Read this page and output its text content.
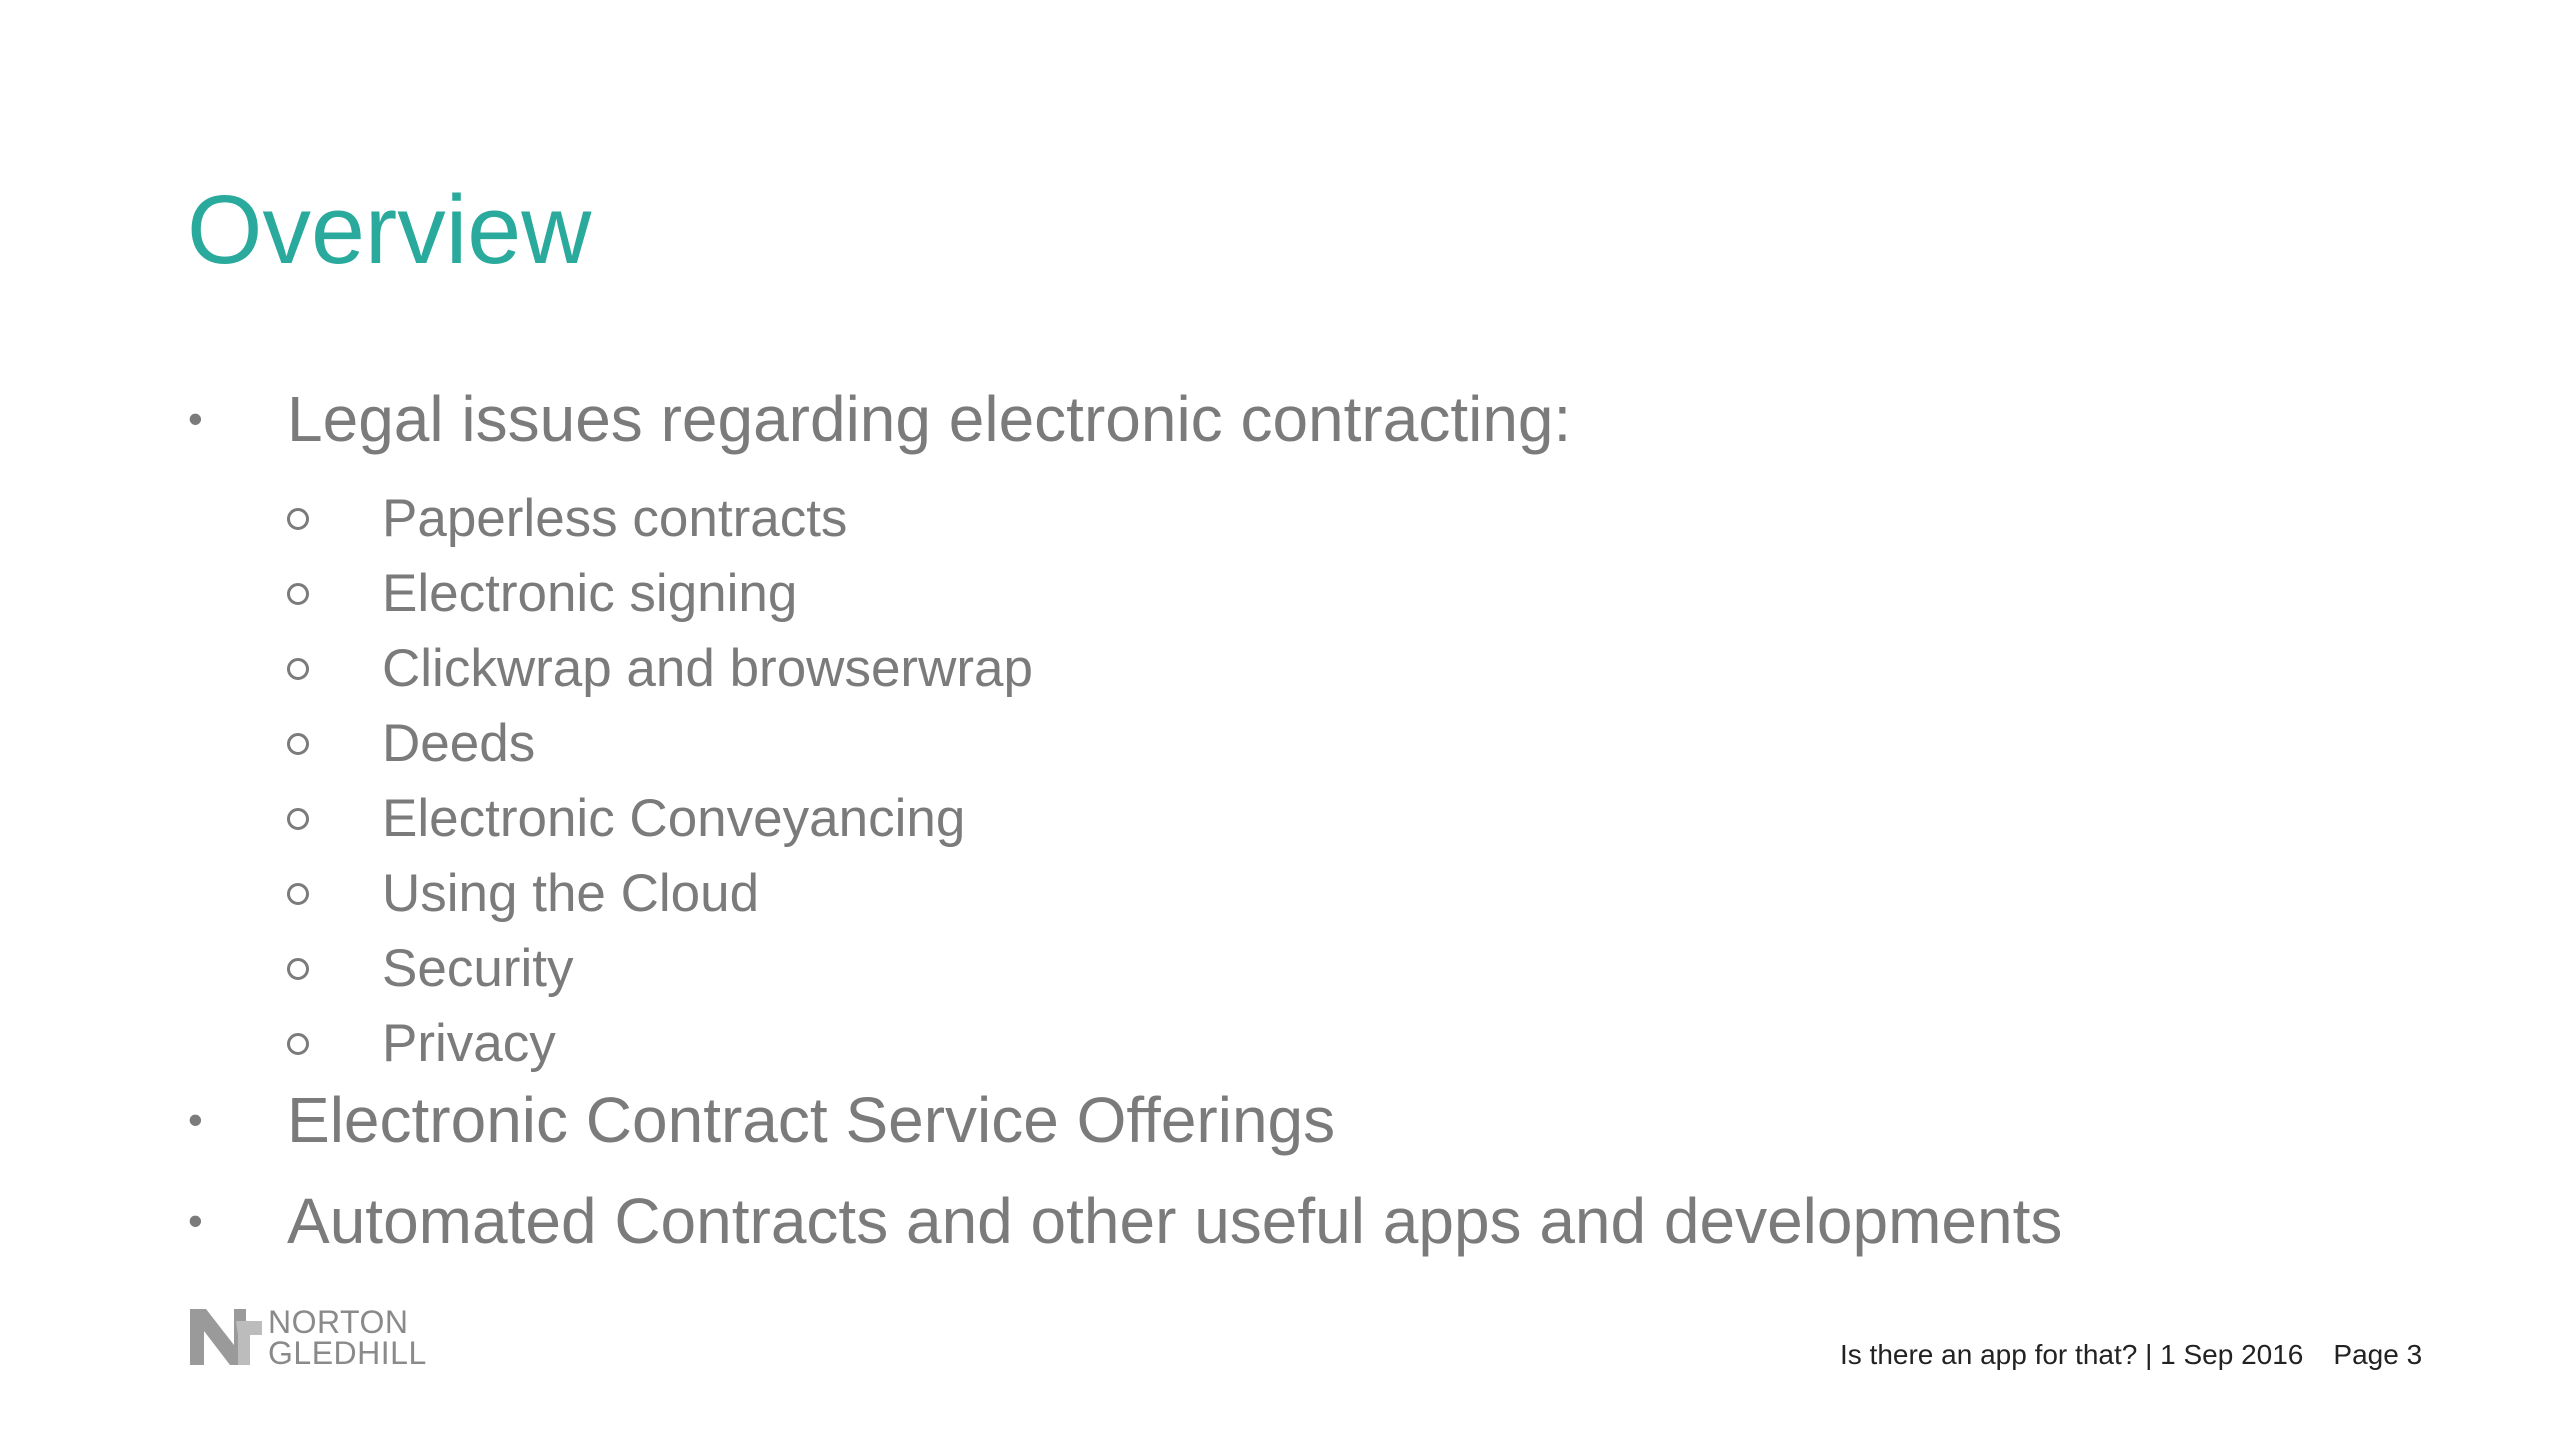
Overview
• Legal issues regarding electronic contracting:
Paperless contracts
Electronic signing
Clickwrap and browserwrap
Deeds
Electronic Conveyancing
Using the Cloud
Security
Privacy
• Electronic Contract Service Offerings
• Automated Contracts and other useful apps and developments
NORTON
GLEDHILL	Is there an app for that? | 1 Sep 2016 Page 3
